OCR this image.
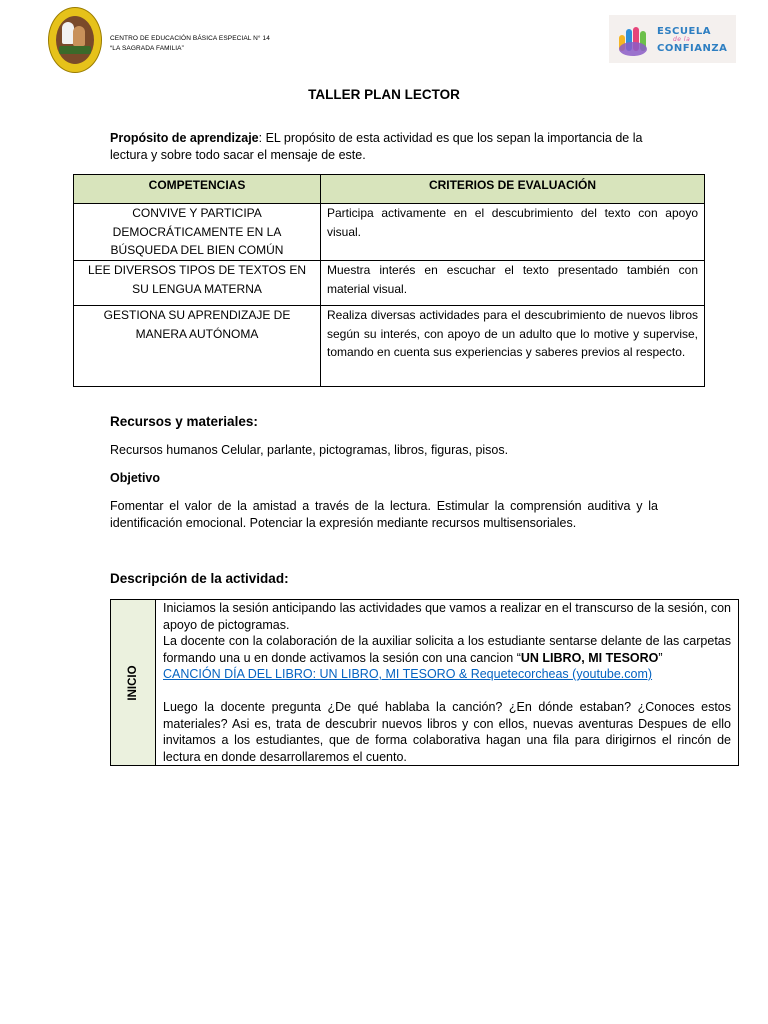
CENTRO DE EDUCACIÓN BÁSICA ESPECIAL N° 14
“LA SAGRADA FAMILIA”
ESCUELA
de la
CONFIANZA
TALLER PLAN LECTOR
Propósito de aprendizaje: EL propósito de esta actividad es que los sepan la importancia de la lectura y sobre todo sacar el mensaje de este.
COMPETENCIAS	CRITERIOS DE EVALUACIÓN
CONVIVE Y PARTICIPA DEMOCRÁTICAMENTE EN LA BÚSQUEDA DEL BIEN COMÚN	Participa activamente en el descubrimiento del texto con apoyo visual.
LEE DIVERSOS TIPOS DE TEXTOS EN SU LENGUA MATERNA	Muestra interés en escuchar el texto presentado también con material visual.
GESTIONA SU APRENDIZAJE DE MANERA AUTÓNOMA	Realiza diversas actividades para el descubrimiento de nuevos libros según su interés, con apoyo de un adulto que lo motive y supervise, tomando en cuenta sus experiencias y saberes previos al respecto.
Recursos y materiales:
Recursos humanos Celular, parlante, pictogramas, libros, figuras, pisos.
Objetivo
Fomentar el valor de la amistad a través de la lectura. Estimular la comprensión auditiva y la identificación emocional. Potenciar la expresión mediante recursos multisensoriales.
Descripción de la actividad:
INICIO

Iniciamos la sesión anticipando las actividades que vamos a realizar en el transcurso de la sesión, con apoyo de pictogramas.
La docente con la colaboración de la auxiliar solicita a los estudiante sentarse delante de las carpetas formando una u en donde activamos la sesión con una cancion “UN LIBRO, MI TESORO”
CANCIÓN DÍA DEL LIBRO: UN LIBRO, MI TESORO & Requetecorcheas (youtube.com)
Luego la docente pregunta ¿De qué hablaba la canción? ¿En dónde estaban? ¿Conoces estos materiales? Asi es, trata de descubrir nuevos libros y con ellos, nuevas aventuras Despues de ello invitamos a los estudiantes, que de forma colaborativa hagan una fila para dirigirnos el rincón de lectura en donde desarrollaremos el cuento.
